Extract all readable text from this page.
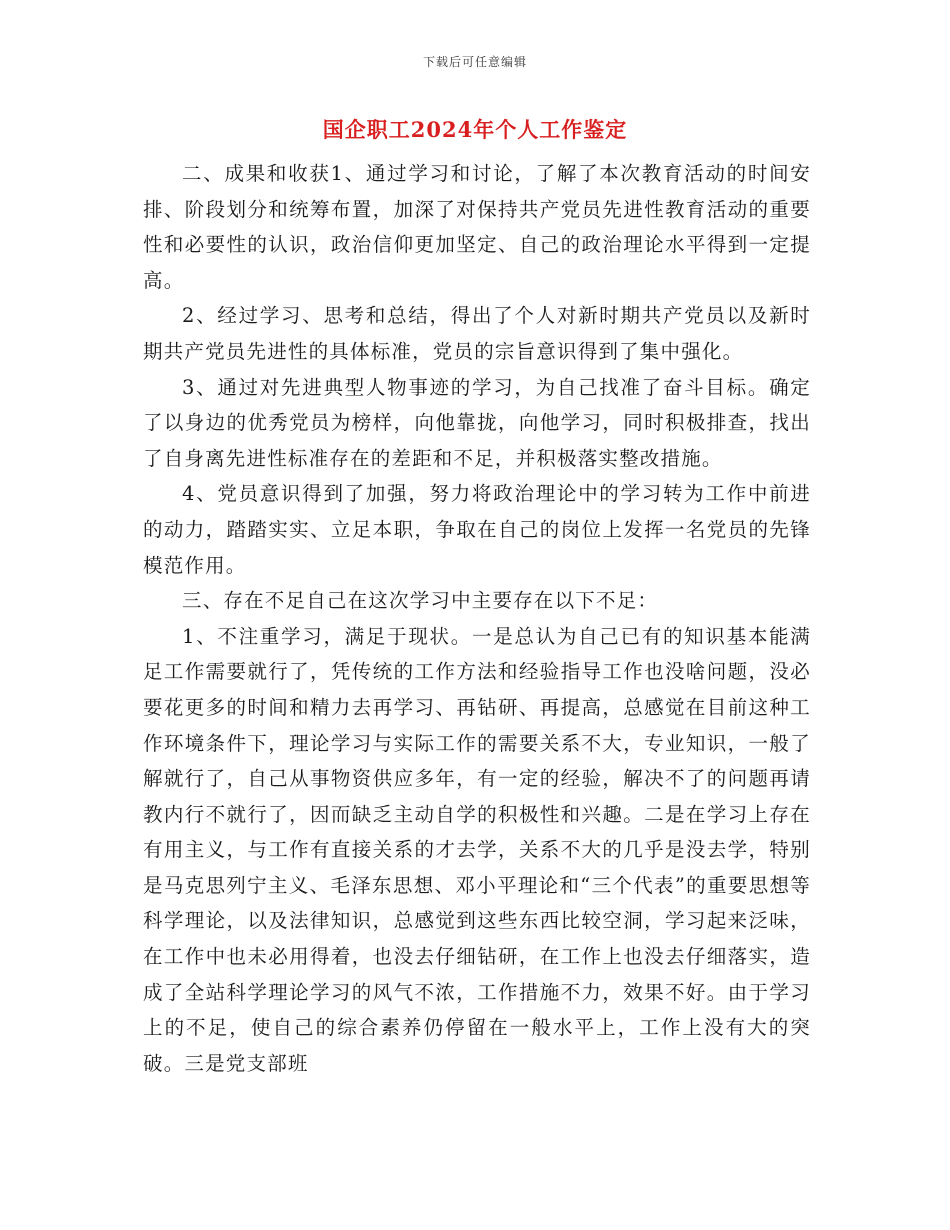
下载后可任意编辑
国企职工2024年个人工作鉴定

二、成果和收获1、通过学习和讨论，了解了本次教育活动的时间安排、阶段划分和统筹布置，加深了对保持共产党员先进性教育活动的重要性和必要性的认识，政治信仰更加坚定、自己的政治理论水平得到一定提高。

2、经过学习、思考和总结，得出了个人对新时期共产党员以及新时期共产党员先进性的具体标准，党员的宗旨意识得到了集中强化。

3、通过对先进典型人物事迹的学习，为自己找准了奋斗目标。确定了以身边的优秀党员为榜样，向他靠拢，向他学习，同时积极排查，找出了自身离先进性标准存在的差距和不足，并积极落实整改措施。

4、党员意识得到了加强，努力将政治理论中的学习转为工作中前进的动力，踏踏实实、立足本职，争取在自己的岗位上发挥一名党员的先锋模范作用。

三、存在不足自己在这次学习中主要存在以下不足：

1、不注重学习，满足于现状。一是总认为自己已有的知识基本能满足工作需要就行了，凭传统的工作方法和经验指导工作也没啥问题，没必要花更多的时间和精力去再学习、再钻研、再提高，总感觉在目前这种工作环境条件下，理论学习与实际工作的需要关系不大，专业知识，一般了解就行了，自己从事物资供应多年，有一定的经验，解决不了的问题再请教内行不就行了，因而缺乏主动自学的积极性和兴趣。二是在学习上存在有用主义，与工作有直接关系的才去学，关系不大的几乎是没去学，特别是马克思列宁主义、毛泽东思想、邓小平理论和“三个代表”的重要思想等科学理论，以及法律知识，总感觉到这些东西比较空洞，学习起来泛味，在工作中也未必用得着，也没去仔细钻研，在工作上也没去仔细落实，造成了全站科学理论学习的风气不浓，工作措施不力，效果不好。由于学习上的不足，使自己的综合素养仍停留在一般水平上，工作上没有大的突破。三是党支部班
